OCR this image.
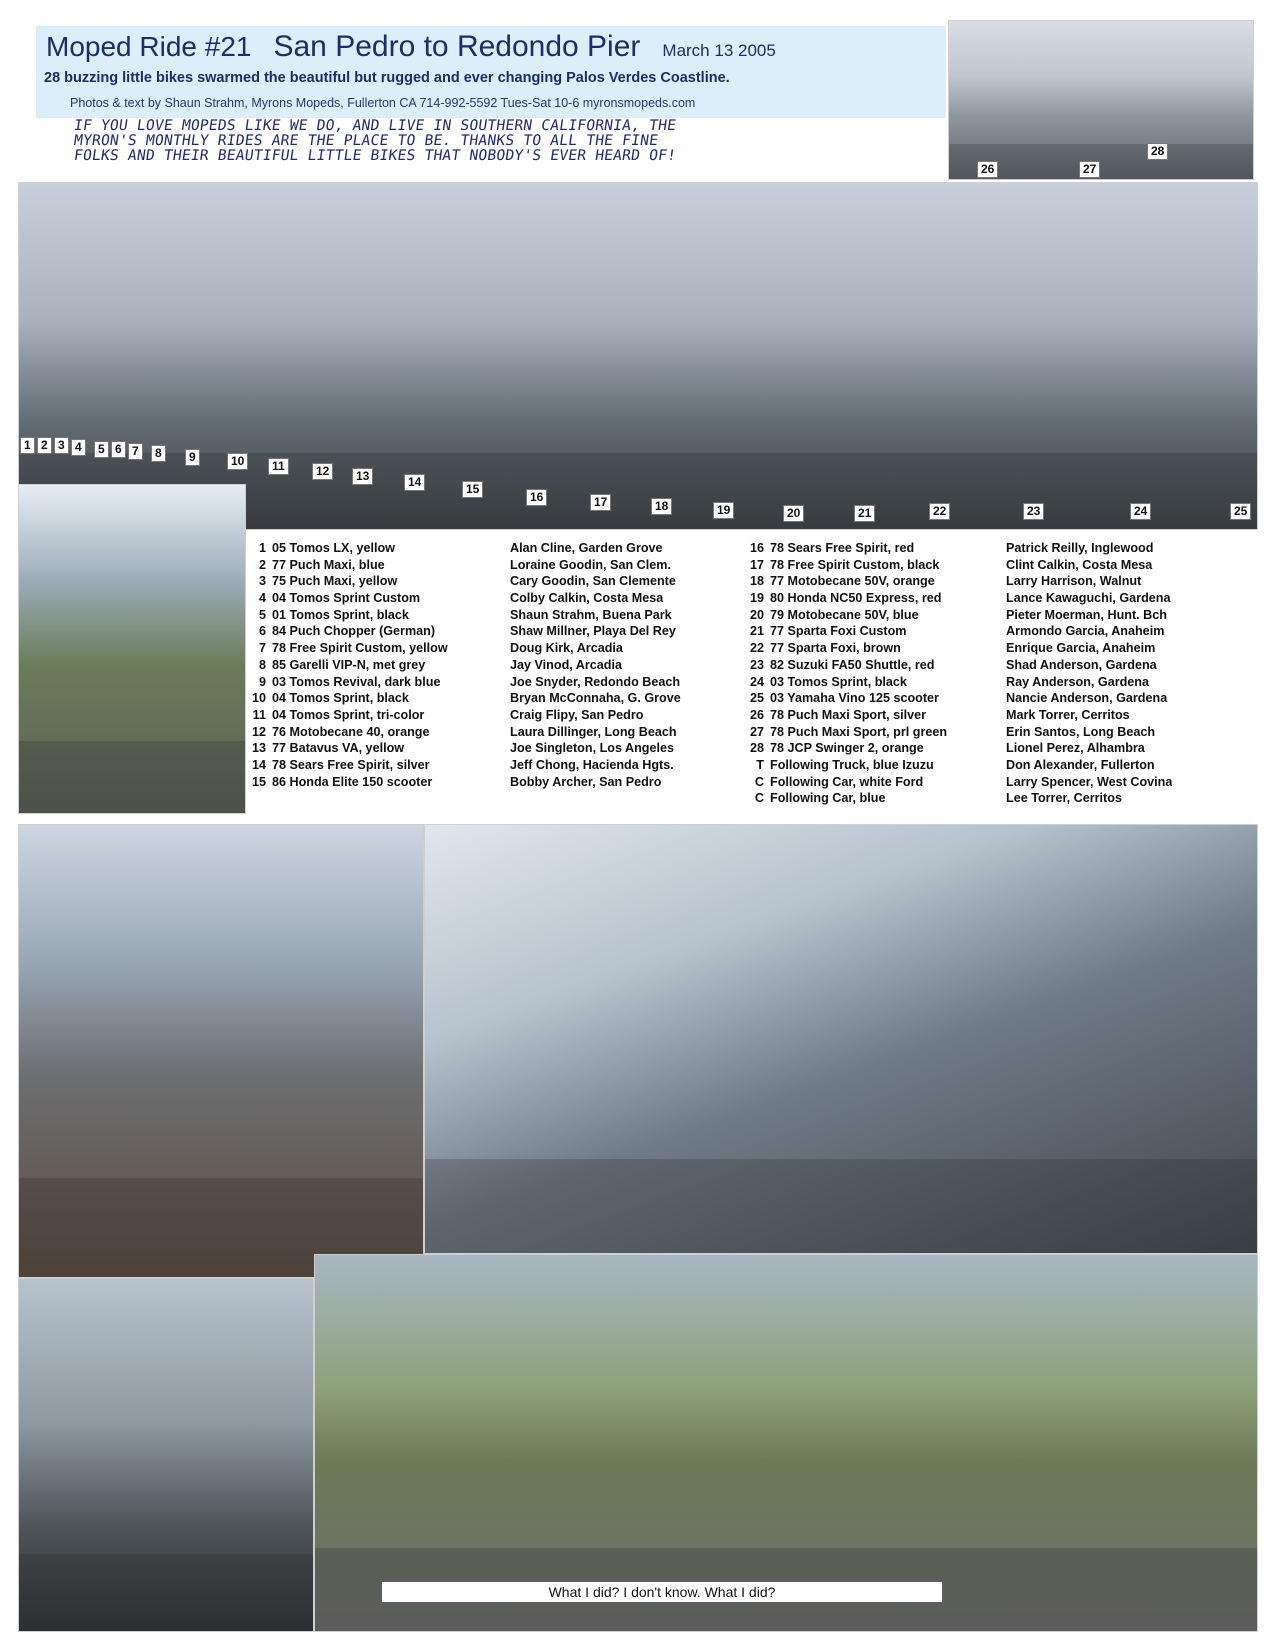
Moped Ride #21 San Pedro to Redondo Pier March 13 2005
28 buzzing little bikes swarmed the beautiful but rugged and ever changing Palos Verdes Coastline.
Photos & text by Shaun Strahm, Myrons Mopeds, Fullerton CA 714-992-5592 Tues-Sat 10-6 myronsmopeds.com
IF YOU LOVE MOPEDS LIKE WE DO, AND LIVE IN SOUTHERN CALIFORNIA, THE
MYRON'S MONTHLY RIDES ARE THE PLACE TO BE. THANKS TO ALL THE FINE
FOLKS AND THEIR BEAUTIFUL LITTLE BIKES THAT NOBODY'S EVER HEARD OF!
26	27
28
1 2 3 4	5 6 7	8	9	10	11	12	13	14	15
16	17	18	19	20	21	22	23	24	25
1 05 Tomos LX, yellow	Alan Cline, Garden Grove
2 77 Puch Maxi, blue	Loraine Goodin, San Clem.
3 75 Puch Maxi, yellow	Cary Goodin, San Clemente
4 04 Tomos Sprint Custom	Colby Calkin, Costa Mesa
5 01 Tomos Sprint, black	Shaun Strahm, Buena Park
6 84 Puch Chopper (German)	Shaw Millner, Playa Del Rey
7 78 Free Spirit Custom, yellow	Doug Kirk, Arcadia
8 85 Garelli VIP-N, met grey	Jay Vinod, Arcadia
9 03 Tomos Revival, dark blue	Joe Snyder, Redondo Beach
10 04 Tomos Sprint, black	Bryan McConnaha, G. Grove
11 04 Tomos Sprint, tri-color	Craig Flipy, San Pedro
12 76 Motobecane 40, orange	Laura Dillinger, Long Beach
13 77 Batavus VA, yellow	Joe Singleton, Los Angeles
14 78 Sears Free Spirit, silver	Jeff Chong, Hacienda Hgts.
15 86 Honda Elite 150 scooter	Bobby Archer, San Pedro
16 78 Sears Free Spirit, red	Patrick Reilly, Inglewood
17 78 Free Spirit Custom, black	Clint Calkin, Costa Mesa
18 77 Motobecane 50V, orange	Larry Harrison, Walnut
19 80 Honda NC50 Express, red	Lance Kawaguchi, Gardena
20 79 Motobecane 50V, blue	Pieter Moerman, Hunt. Bch
21 77 Sparta Foxi Custom	Armondo Garcia, Anaheim
22 77 Sparta Foxi, brown	Enrique Garcia, Anaheim
23 82 Suzuki FA50 Shuttle, red	Shad Anderson, Gardena
24 03 Tomos Sprint, black	Ray Anderson, Gardena
25 03 Yamaha Vino 125 scooter	Nancie Anderson, Gardena
26 78 Puch Maxi Sport, silver	Mark Torrer, Cerritos
27 78 Puch Maxi Sport, prl green	Erin Santos, Long Beach
28 78 JCP Swinger 2, orange	Lionel Perez, Alhambra
T Following Truck, blue Izuzu	Don Alexander, Fullerton
C Following Car, white Ford	Larry Spencer, West Covina
C Following Car, blue	Lee Torrer, Cerritos
What I did? I don't know. What I did?
